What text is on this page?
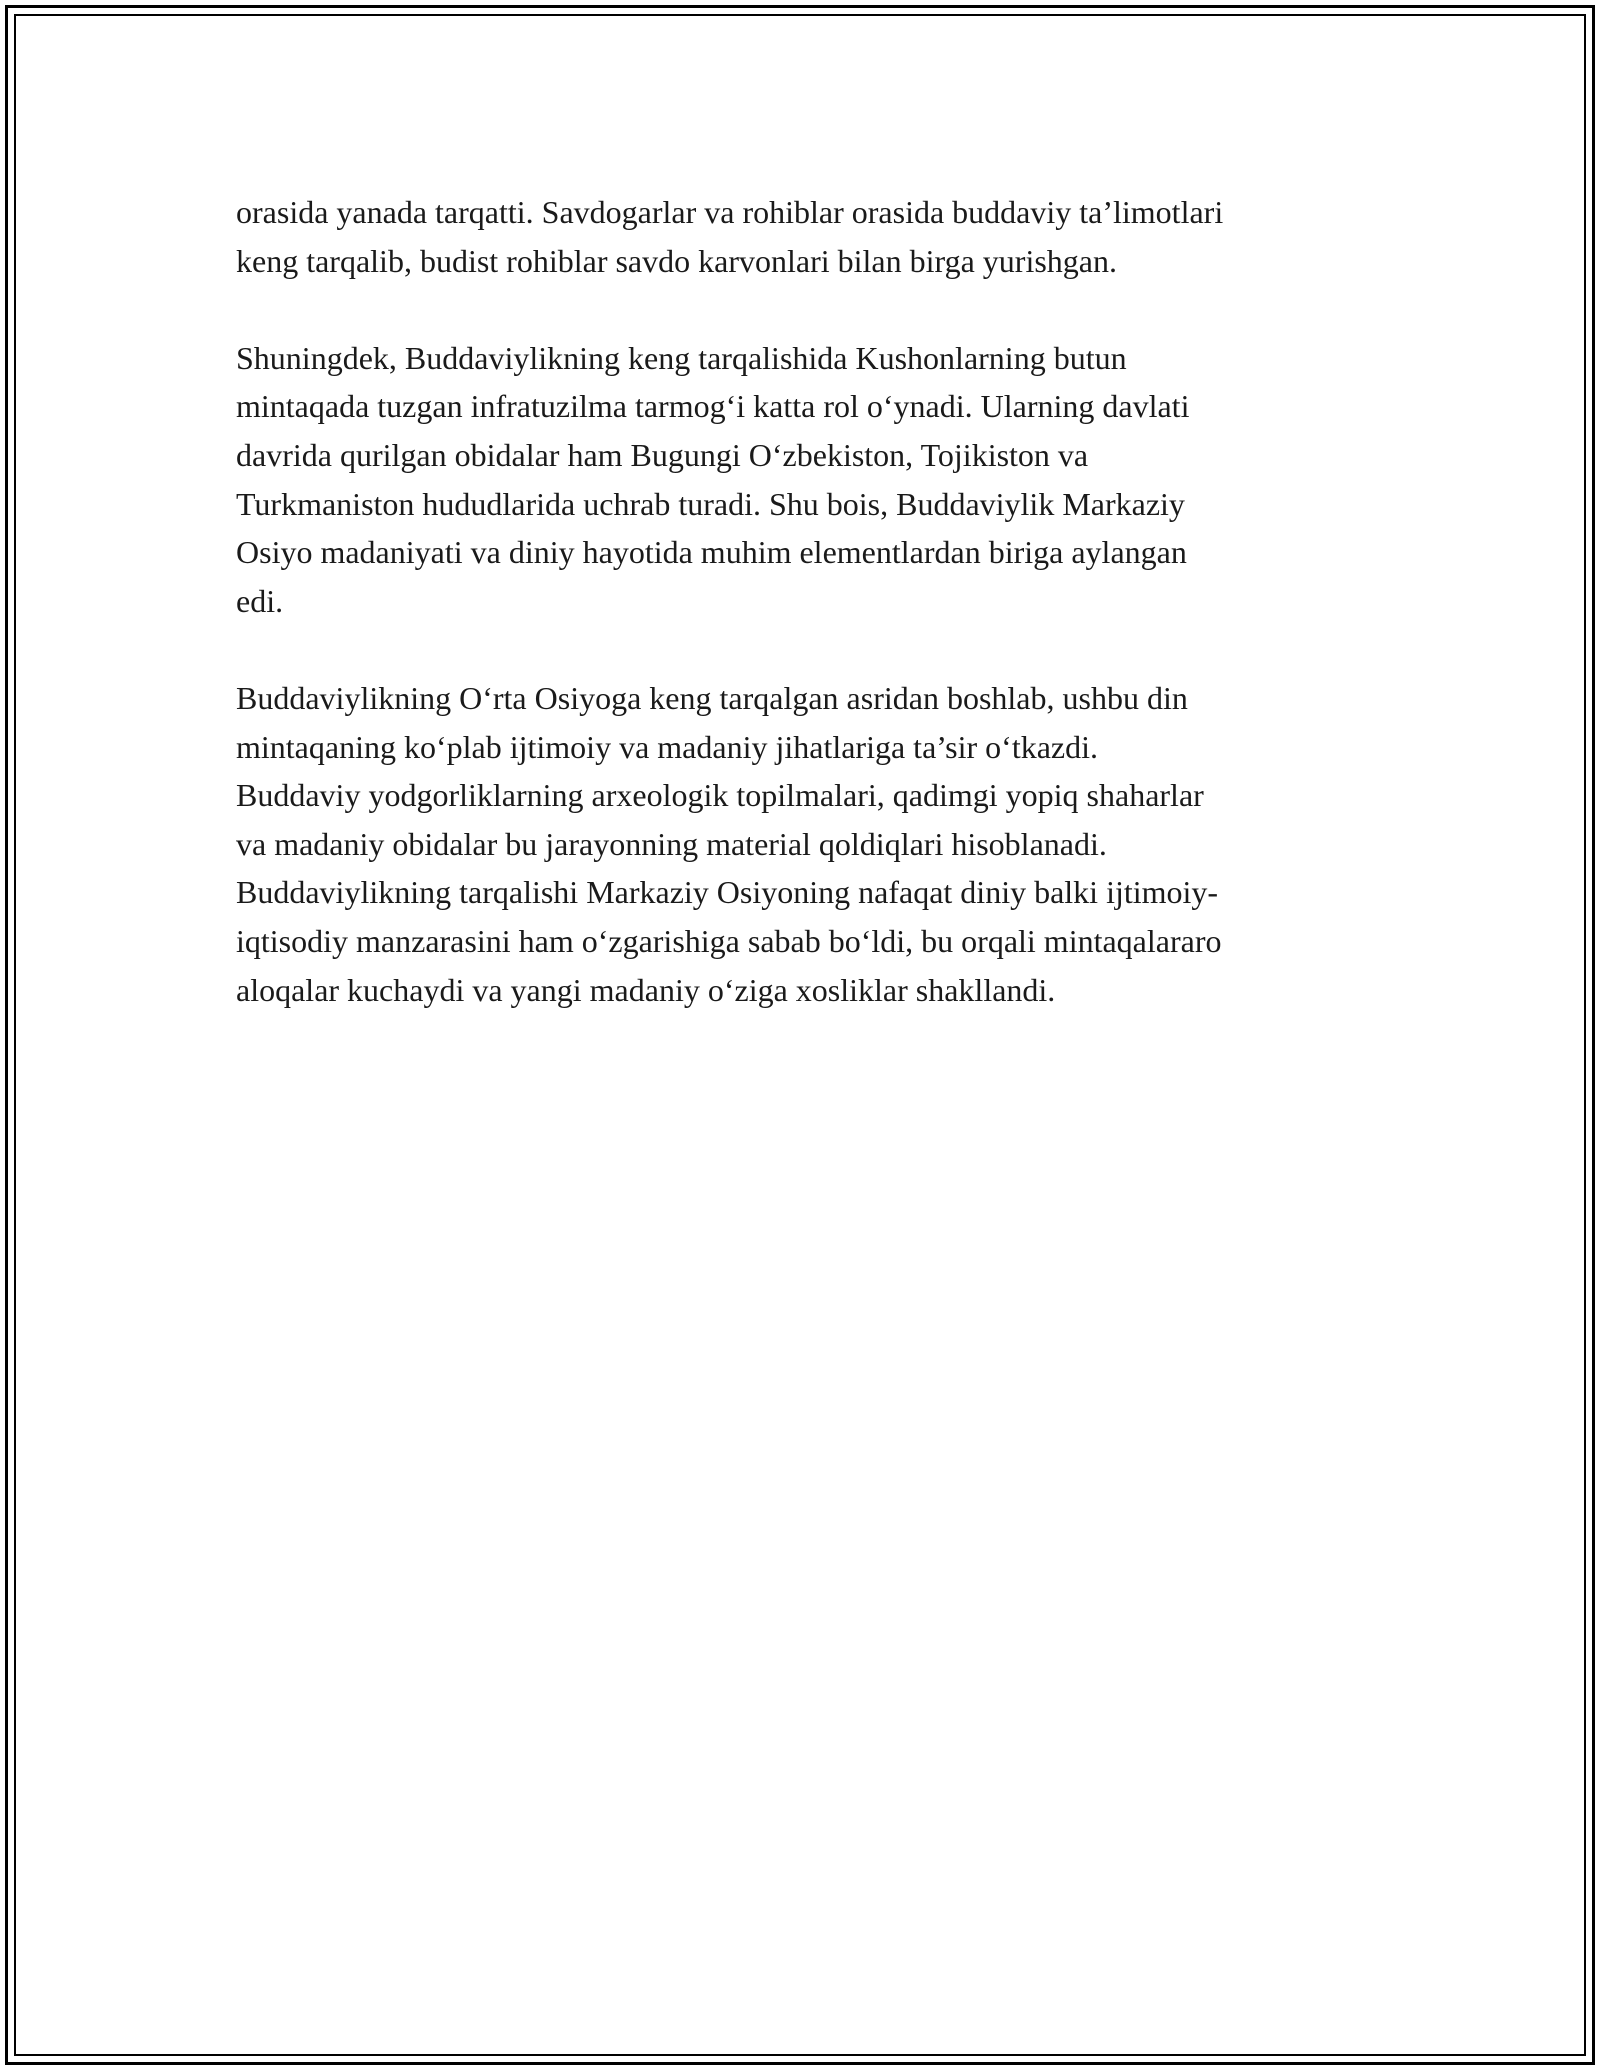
orasida yanada tarqatti. Savdogarlar va rohiblar orasida buddaviy ta’limotlari
keng tarqalib, budist rohiblar savdo karvonlari bilan birga yurishgan.

Shuningdek, Buddaviylikning keng tarqalishida Kushonlarning butun
mintaqada tuzgan infratuzilma tarmog‘i katta rol o‘ynadi. Ularning davlati
davrida qurilgan obidalar ham Bugungi O‘zbekiston, Tojikiston va
Turkmaniston hududlarida uchrab turadi. Shu bois, Buddaviylik Markaziy
Osiyo madaniyati va diniy hayotida muhim elementlardan biriga aylangan
edi.

Buddaviylikning O‘rta Osiyoga keng tarqalgan asridan boshlab, ushbu din
mintaqaning ko‘plab ijtimoiy va madaniy jihatlariga ta’sir o‘tkazdi.
Buddaviy yodgorliklarning arxeologik topilmalari, qadimgi yopiq shaharlar
va madaniy obidalar bu jarayonning material qoldiqlari hisoblanadi.
Buddaviylikning tarqalishi Markaziy Osiyoning nafaqat diniy balki ijtimoiy-
iqtisodiy manzarasini ham o‘zgarishiga sabab bo‘ldi, bu orqali mintaqalararo
aloqalar kuchaydi va yangi madaniy o‘ziga xosliklar shakllandi.
